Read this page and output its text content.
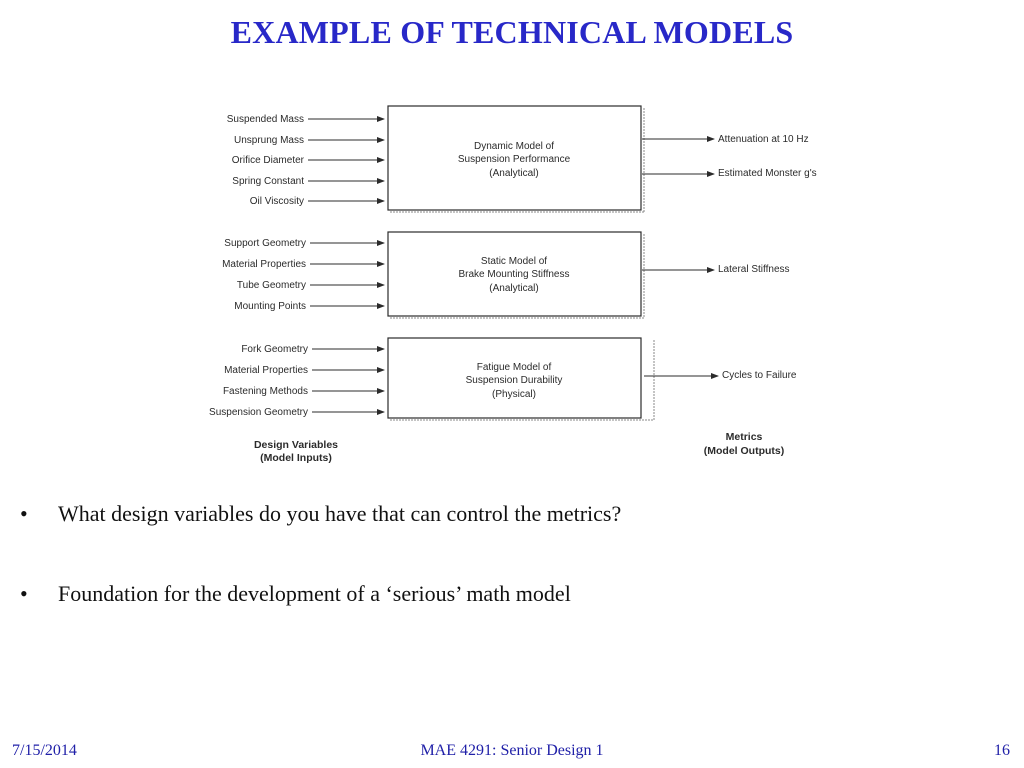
EXAMPLE OF TECHNICAL MODELS
Suspended Mass
Unsprung Mass
Orifice Diameter
Spring Constant
Oil Viscosity
Dynamic Model of
Suspension Performance
(Analytical)
Attenuation at 10 Hz
Estimated Monster g's
Support Geometry
Material Properties
Tube Geometry
Mounting Points
Static Model of
Brake Mounting Stiffness
(Analytical)
Lateral Stiffness
Fork Geometry
Material Properties
Fastening Methods
Suspension Geometry
Fatigue Model of
Suspension Durability
(Physical)
Cycles to Failure
Design Variables
(Model Inputs)
Metrics
(Model Outputs)
• What design variables do you have that can control the metrics?
• Foundation for the development of a ‘serious’ math model
7/15/2014	MAE 4291: Senior Design 1	16
